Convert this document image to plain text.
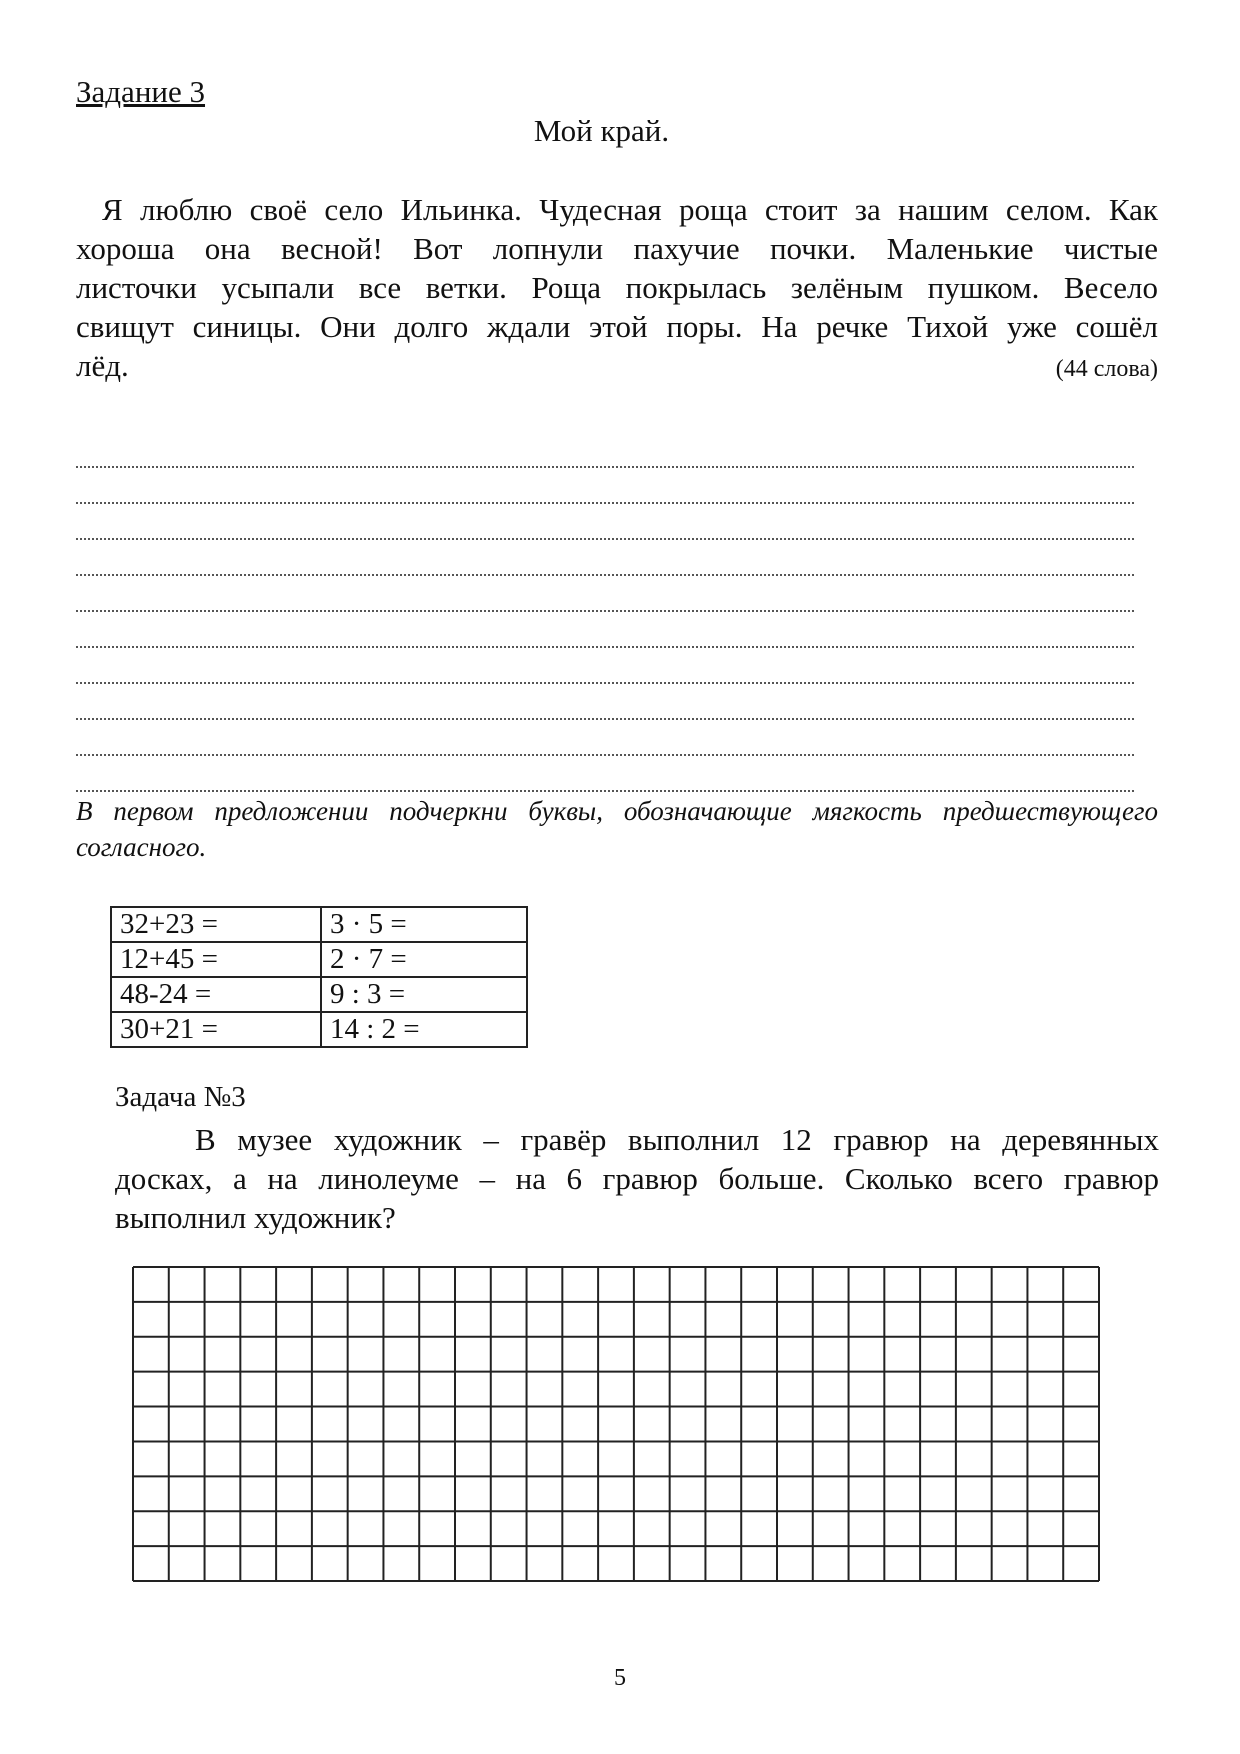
Задание 3
Мой край.
Я люблю своё село Ильинка. Чудесная роща стоит за нашим селом. Как
хороша она весной! Вот лопнули пахучие почки. Маленькие чистые
листочки усыпали все ветки. Роща покрылась зелёным пушком. Весело
свищут синицы. Они долго ждали этой поры. На речке Тихой уже сошёл
лёд.	(44 слова)
В первом предложении подчеркни буквы, обозначающие мягкость предшествующего
согласного.
32+23 =	3 · 5 =
12+45 =	2 · 7 =
48-24 =	9 : 3 =
30+21 =	14 : 2 =
Задача №3
В музее художник – гравёр выполнил 12 гравюр на деревянных
досках, а на линолеуме – на 6 гравюр больше. Сколько всего гравюр
выполнил художник?
5
